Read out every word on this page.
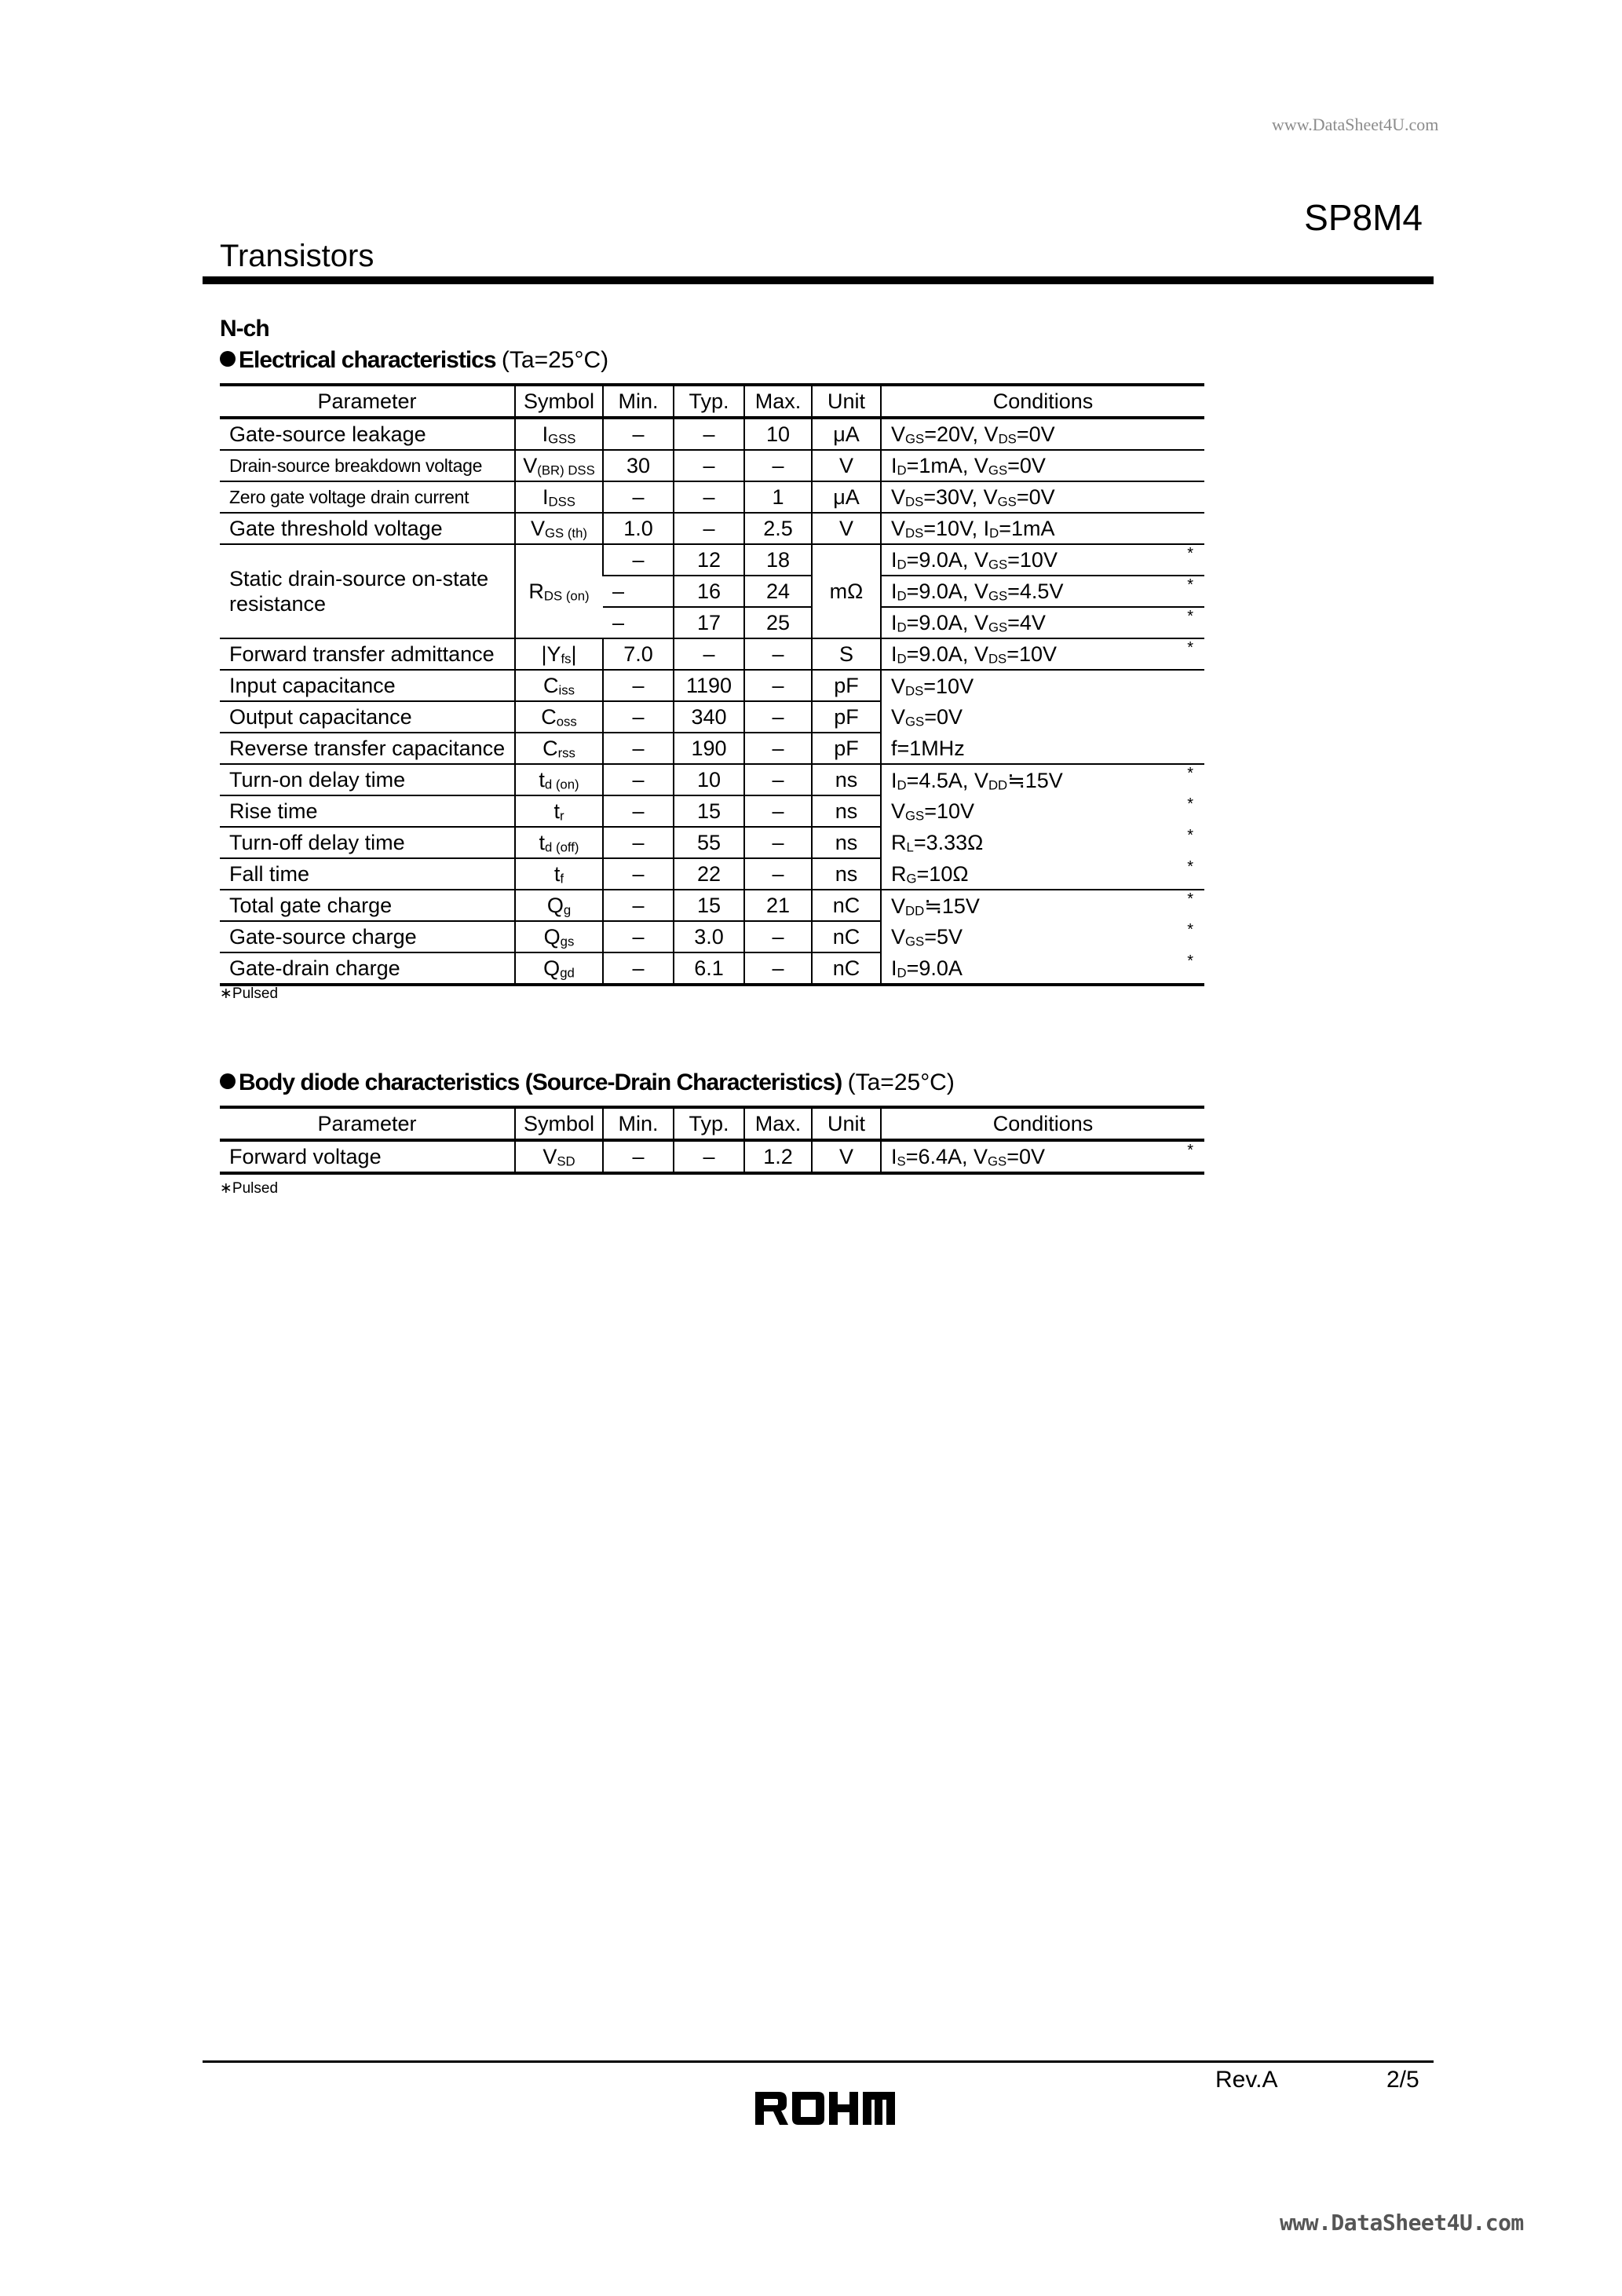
www.DataSheet4U.com
SP8M4
Transistors
N-ch
Electrical characteristics (Ta=25°C)
Parameter	Symbol	Min.	Typ.	Max.	Unit	Conditions
Gate-source leakage	$I_{GSS}$	–	–	10	μA	$V_{GS}=20V$, $V_{DS}=0V$
Drain-source breakdown voltage	$V_{(BR) DSS}$	30	–	–	V	$I_D=1mA$, $V_{GS}=0V$
Zero gate voltage drain current	$I_{DSS}$	–	–	1	μA	$V_{DS}=30V$, $V_{GS}=0V$
Gate threshold voltage	$V_{GS (th)}$	1.0	–	2.5	V	$V_{DS}=10V$, $I_D=1mA$
Static drain-source on-state resistance	$R_{DS (on)}$	–	12	18	mΩ	$I_D=9.0A$, $V_{GS}=10V$ *

		–	16	24		$I_D=9.0A$, $V_{GS}=4.5V$ *

		–	17	25		$I_D=9.0A$, $V_{GS}=4V$ *

Forward transfer admittance	$|Y_{fs}|$	7.0	–	–	S	$I_D=9.0A$, $V_{DS}=10V$ *

Input capacitance	$C_{iss}$	–	1190	–	pF	$V_{DS}=10V$
Output capacitance	$C_{oss}$	–	340	–	pF	$V_{GS}=0V$
Reverse transfer capacitance	$C_{rss}$	–	190	–	pF	f=1MHz
Turn-on delay time	$t_{d (on)}$	–	10	–	ns	$I_D=4.5A$, $V_{DD}≒15V$ *

Rise time	$t_r$	–	15	–	ns	$V_{GS}=10V$ *

Turn-off delay time	$t_{d (off)}$	–	55	–	ns	$R_L=3.33\Omega$ *

Fall time	$t_f$	–	22	–	ns	$R_G=10\Omega$ *

Total gate charge	$Q_g$	–	15	21	nC	$V_{DD}≒15V$ *

Gate-source charge	$Q_{gs}$	–	3.0	–	nC	$V_{GS}=5V$ *

Gate-drain charge	$Q_{gd}$	–	6.1	–	nC	$I_D=9.0A$ *
∗Pulsed
Body diode characteristics (Source-Drain Characteristics) (Ta=25°C)
Parameter	Symbol	Min.	Typ.	Max.	Unit	Conditions
Forward voltage	$V_{SD}$	–	–	1.2	V	$I_S=6.4A$, $V_{GS}=0V$ *
∗Pulsed
Rev.A	2/5
www.DataSheet4U.com
